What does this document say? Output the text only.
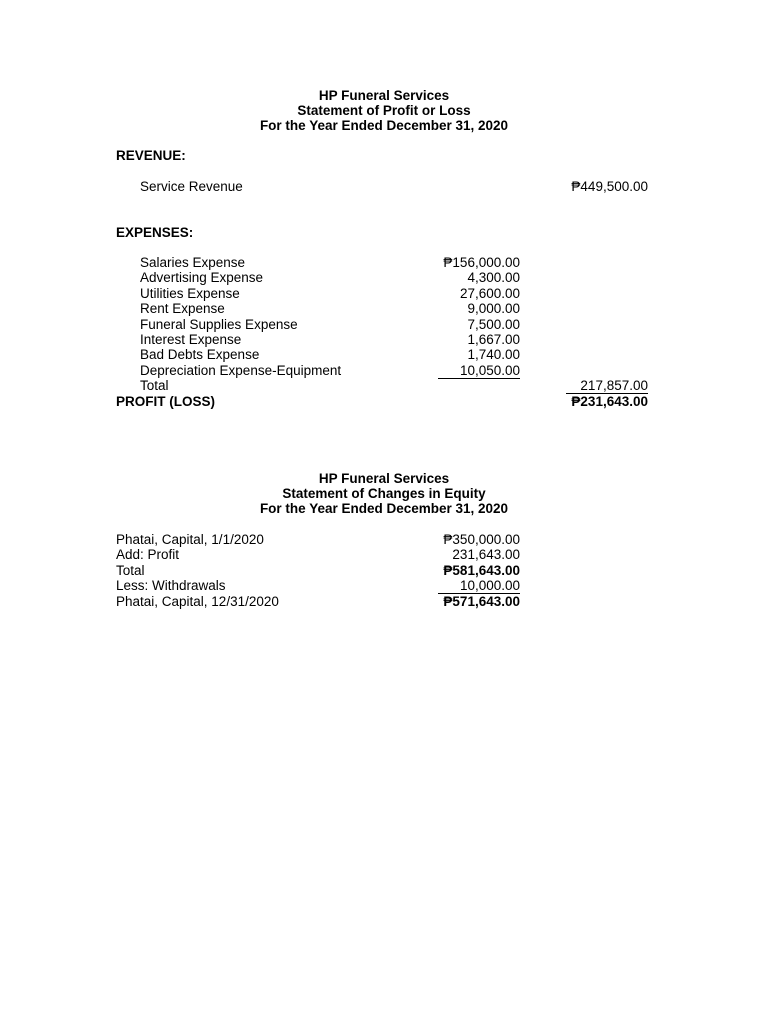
HP Funeral Services
Statement of Profit or Loss
For the Year Ended December 31, 2020
REVENUE:
Service Revenue	₱449,500.00
EXPENSES:
Salaries Expense	₱156,000.00
Advertising Expense	4,300.00
Utilities Expense	27,600.00
Rent Expense	9,000.00
Funeral Supplies Expense	7,500.00
Interest Expense	1,667.00
Bad Debts Expense	1,740.00
Depreciation Expense-Equipment	10,050.00
Total	217,857.00
PROFIT (LOSS)	₱231,643.00
HP Funeral Services
Statement of Changes in Equity
For the Year Ended December 31, 2020
Phatai, Capital, 1/1/2020	₱350,000.00
Add: Profit	231,643.00
Total	₱581,643.00
Less: Withdrawals	10,000.00
Phatai, Capital, 12/31/2020	₱571,643.00
